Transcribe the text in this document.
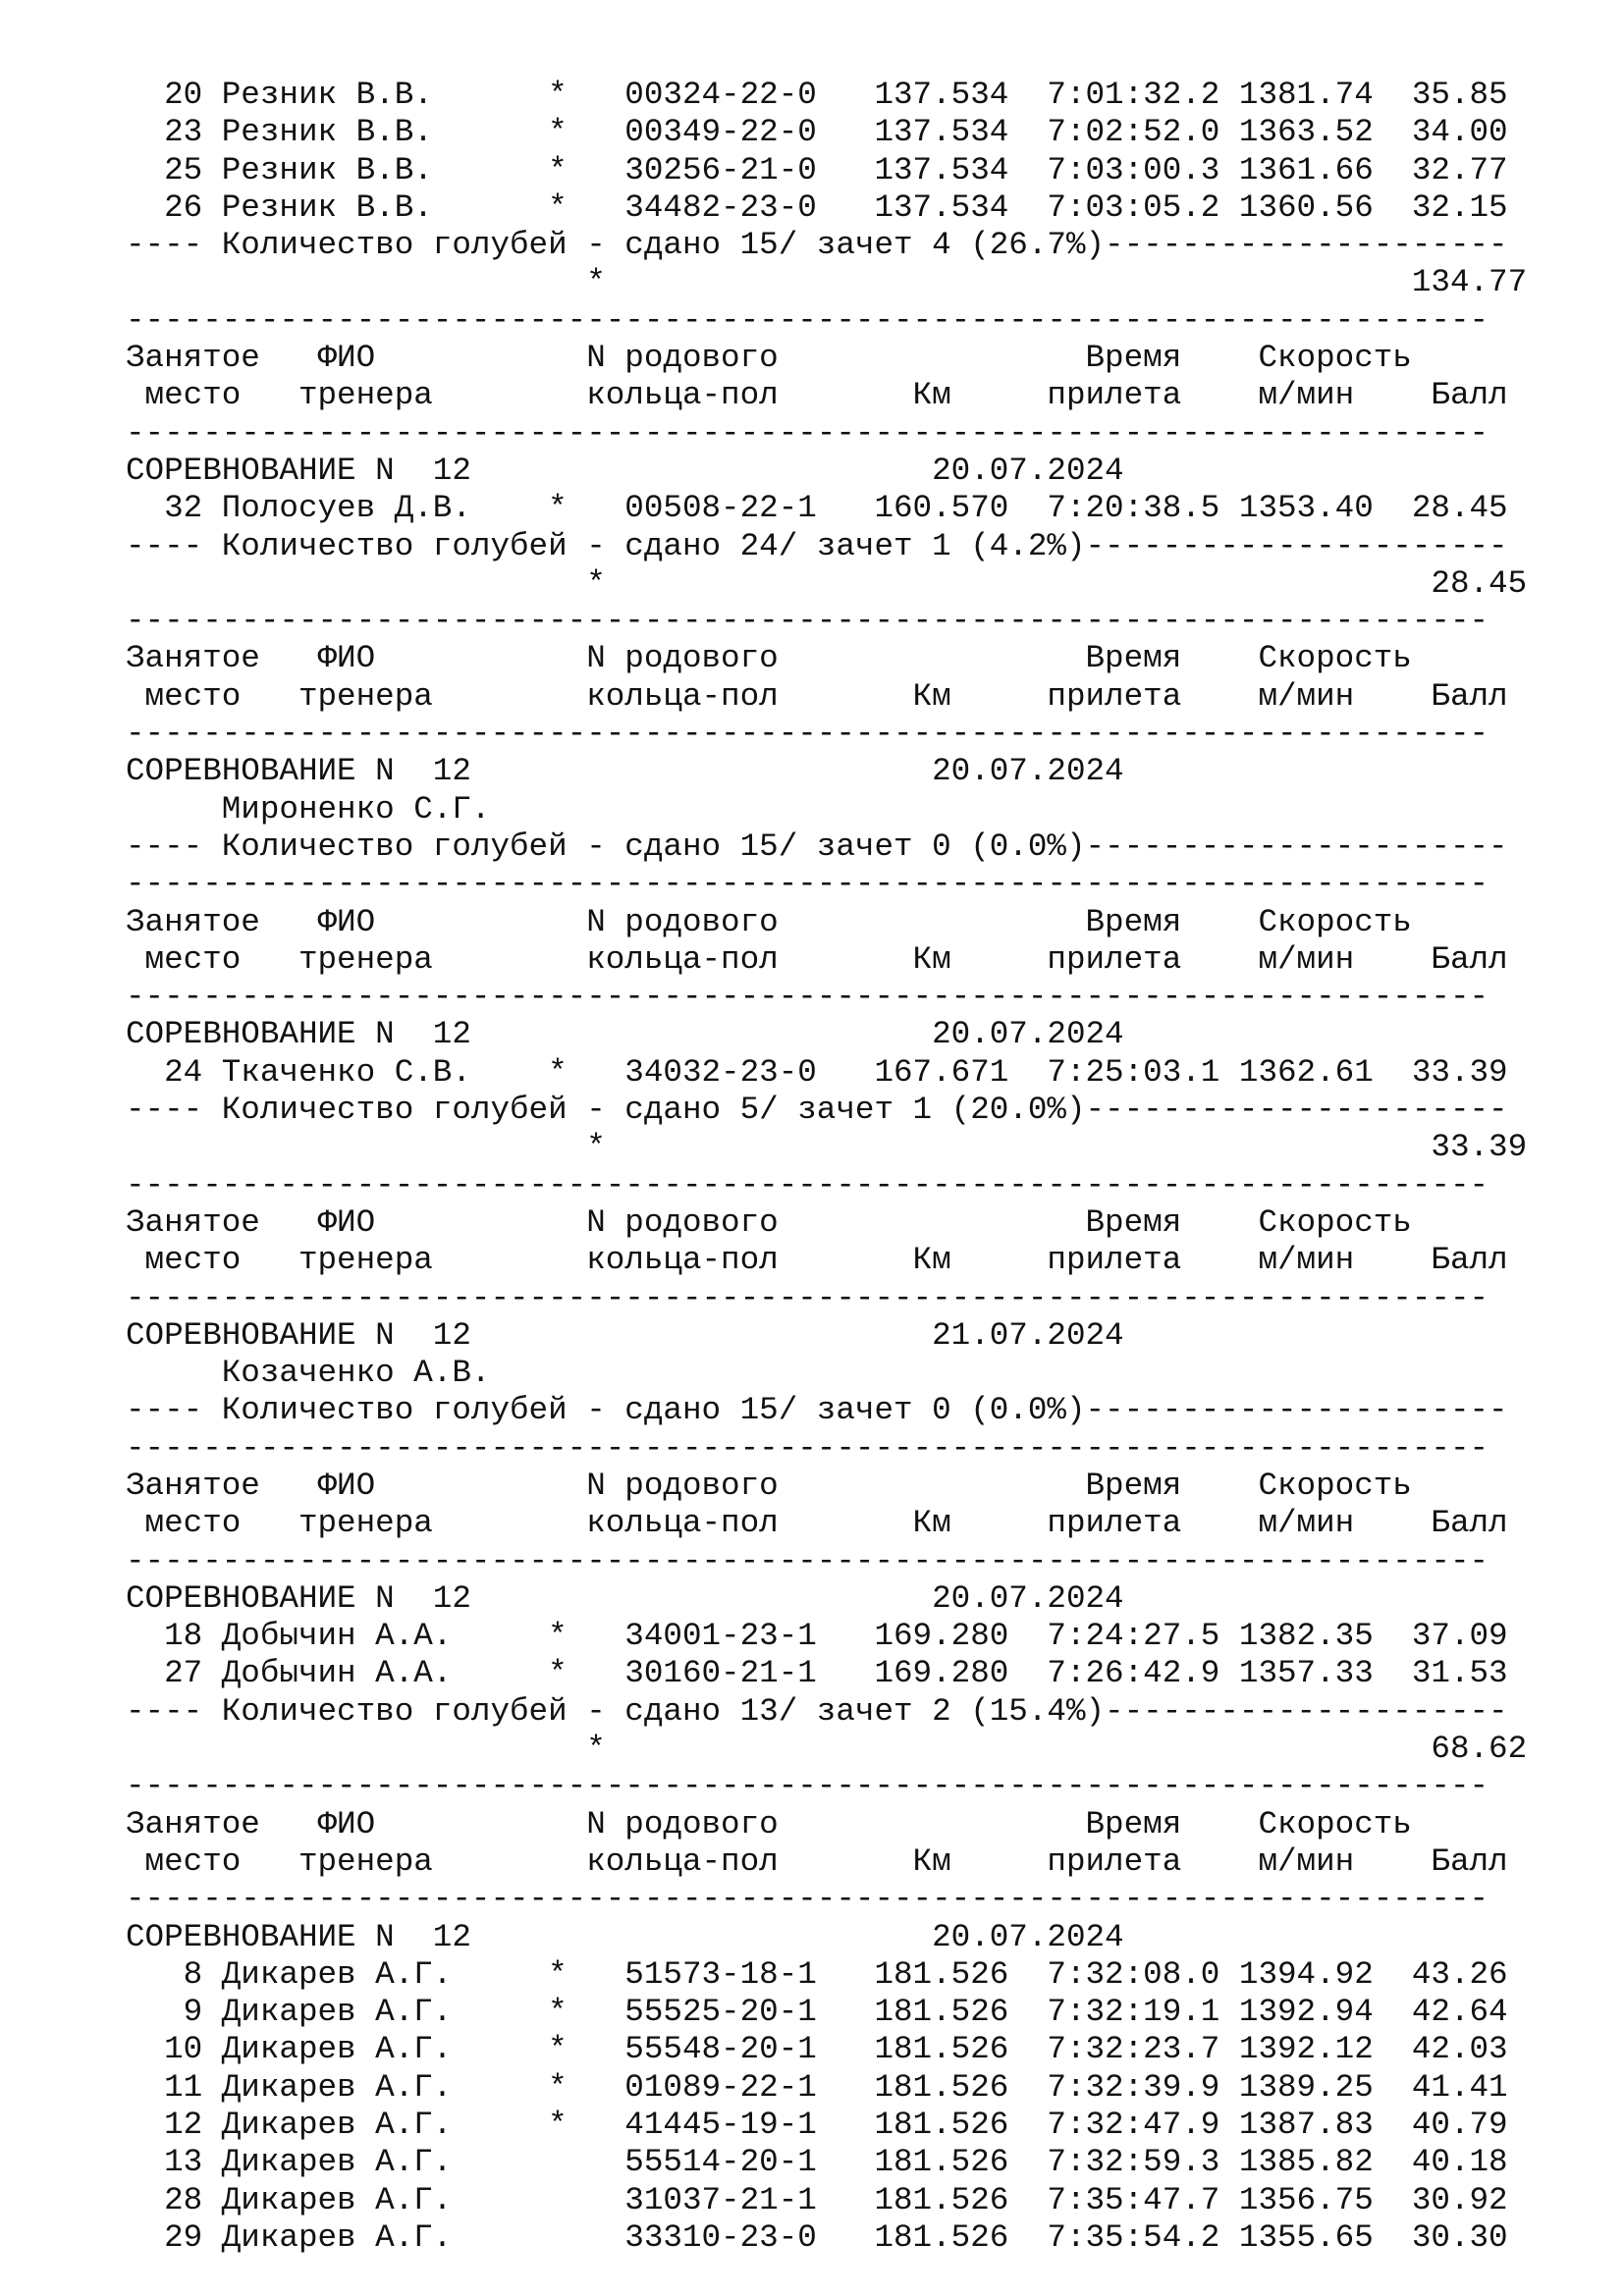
20 Резник В.В.      *   00324-22-0   137.534  7:01:32.2 1381.74  35.85
23 Резник В.В.      *   00349-22-0   137.534  7:02:52.0 1363.52  34.00
25 Резник В.В.      *   30256-21-0   137.534  7:03:00.3 1361.66  32.77
26 Резник В.В.      *   34482-23-0   137.534  7:03:05.2 1360.56  32.15
---- Количество голубей - сдано 15/ зачет 4 (26.7%)---------------------
*                                          134.77
-----------------------------------------------------------------------
Занятое   ФИО           N родового                Время    Скорость
место   тренера        кольца-пол       Км     прилета    м/мин    Балл
-----------------------------------------------------------------------
СОРЕВНОВАНИЕ N  12                        20.07.2024
32 Полосуев Д.В.    *   00508-22-1   160.570  7:20:38.5 1353.40  28.45
---- Количество голубей - сдано 24/ зачет 1 (4.2%)----------------------
*                                           28.45
-----------------------------------------------------------------------
Занятое   ФИО           N родового                Время    Скорость
место   тренера        кольца-пол       Км     прилета    м/мин    Балл
-----------------------------------------------------------------------
СОРЕВНОВАНИЕ N  12                        20.07.2024
Мироненко С.Г.
---- Количество голубей - сдано 15/ зачет 0 (0.0%)----------------------
-----------------------------------------------------------------------
Занятое   ФИО           N родового                Время    Скорость
место   тренера        кольца-пол       Км     прилета    м/мин    Балл
-----------------------------------------------------------------------
СОРЕВНОВАНИЕ N  12                        20.07.2024
24 Ткаченко С.В.    *   34032-23-0   167.671  7:25:03.1 1362.61  33.39
---- Количество голубей - сдано 5/ зачет 1 (20.0%)----------------------
*                                           33.39
-----------------------------------------------------------------------
Занятое   ФИО           N родового                Время    Скорость
место   тренера        кольца-пол       Км     прилета    м/мин    Балл
-----------------------------------------------------------------------
СОРЕВНОВАНИЕ N  12                        21.07.2024
Козаченко А.В.
---- Количество голубей - сдано 15/ зачет 0 (0.0%)----------------------
-----------------------------------------------------------------------
Занятое   ФИО           N родового                Время    Скорость
место   тренера        кольца-пол       Км     прилета    м/мин    Балл
-----------------------------------------------------------------------
СОРЕВНОВАНИЕ N  12                        20.07.2024
18 Добычин А.А.     *   34001-23-1   169.280  7:24:27.5 1382.35  37.09
27 Добычин А.А.     *   30160-21-1   169.280  7:26:42.9 1357.33  31.53
---- Количество голубей - сдано 13/ зачет 2 (15.4%)---------------------
*                                           68.62
-----------------------------------------------------------------------
Занятое   ФИО           N родового                Время    Скорость
место   тренера        кольца-пол       Км     прилета    м/мин    Балл
-----------------------------------------------------------------------
СОРЕВНОВАНИЕ N  12                        20.07.2024
8 Дикарев А.Г.     *   51573-18-1   181.526  7:32:08.0 1394.92  43.26
9 Дикарев А.Г.     *   55525-20-1   181.526  7:32:19.1 1392.94  42.64
10 Дикарев А.Г.     *   55548-20-1   181.526  7:32:23.7 1392.12  42.03
11 Дикарев А.Г.     *   01089-22-1   181.526  7:32:39.9 1389.25  41.41
12 Дикарев А.Г.     *   41445-19-1   181.526  7:32:47.9 1387.83  40.79
13 Дикарев А.Г.         55514-20-1   181.526  7:32:59.3 1385.82  40.18
28 Дикарев А.Г.         31037-21-1   181.526  7:35:47.7 1356.75  30.92
29 Дикарев А.Г.         33310-23-0   181.526  7:35:54.2 1355.65  30.30
